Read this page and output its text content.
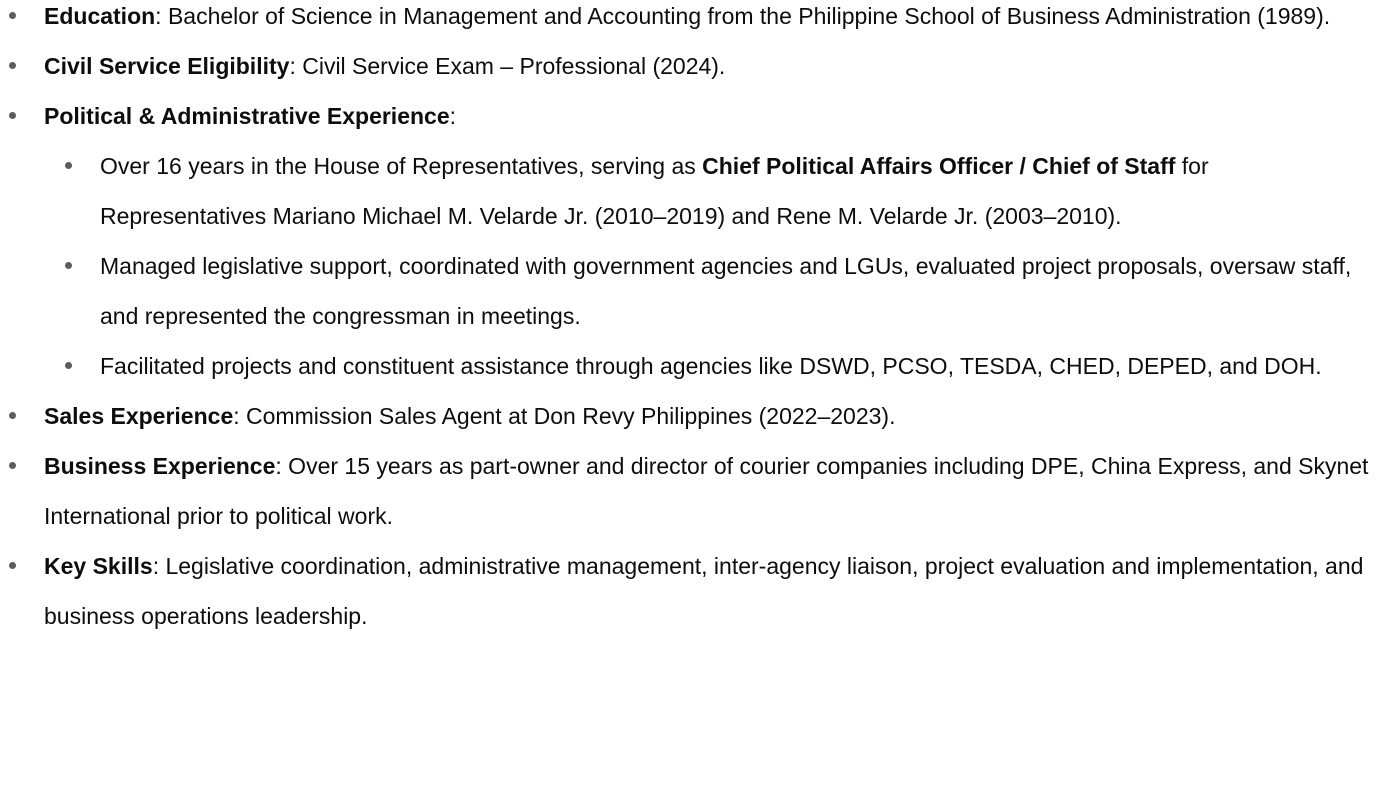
Education: Bachelor of Science in Management and Accounting from the Philippine School of Business Administration (1989).
Civil Service Eligibility: Civil Service Exam – Professional (2024).
Political & Administrative Experience:
Over 16 years in the House of Representatives, serving as Chief Political Affairs Officer / Chief of Staff for Representatives Mariano Michael M. Velarde Jr. (2010–2019) and Rene M. Velarde Jr. (2003–2010).
Managed legislative support, coordinated with government agencies and LGUs, evaluated project proposals, oversaw staff, and represented the congressman in meetings.
Facilitated projects and constituent assistance through agencies like DSWD, PCSO, TESDA, CHED, DEPED, and DOH.
Sales Experience: Commission Sales Agent at Don Revy Philippines (2022–2023).
Business Experience: Over 15 years as part-owner and director of courier companies including DPE, China Express, and Skynet International prior to political work.
Key Skills: Legislative coordination, administrative management, inter-agency liaison, project evaluation and implementation, and business operations leadership.
